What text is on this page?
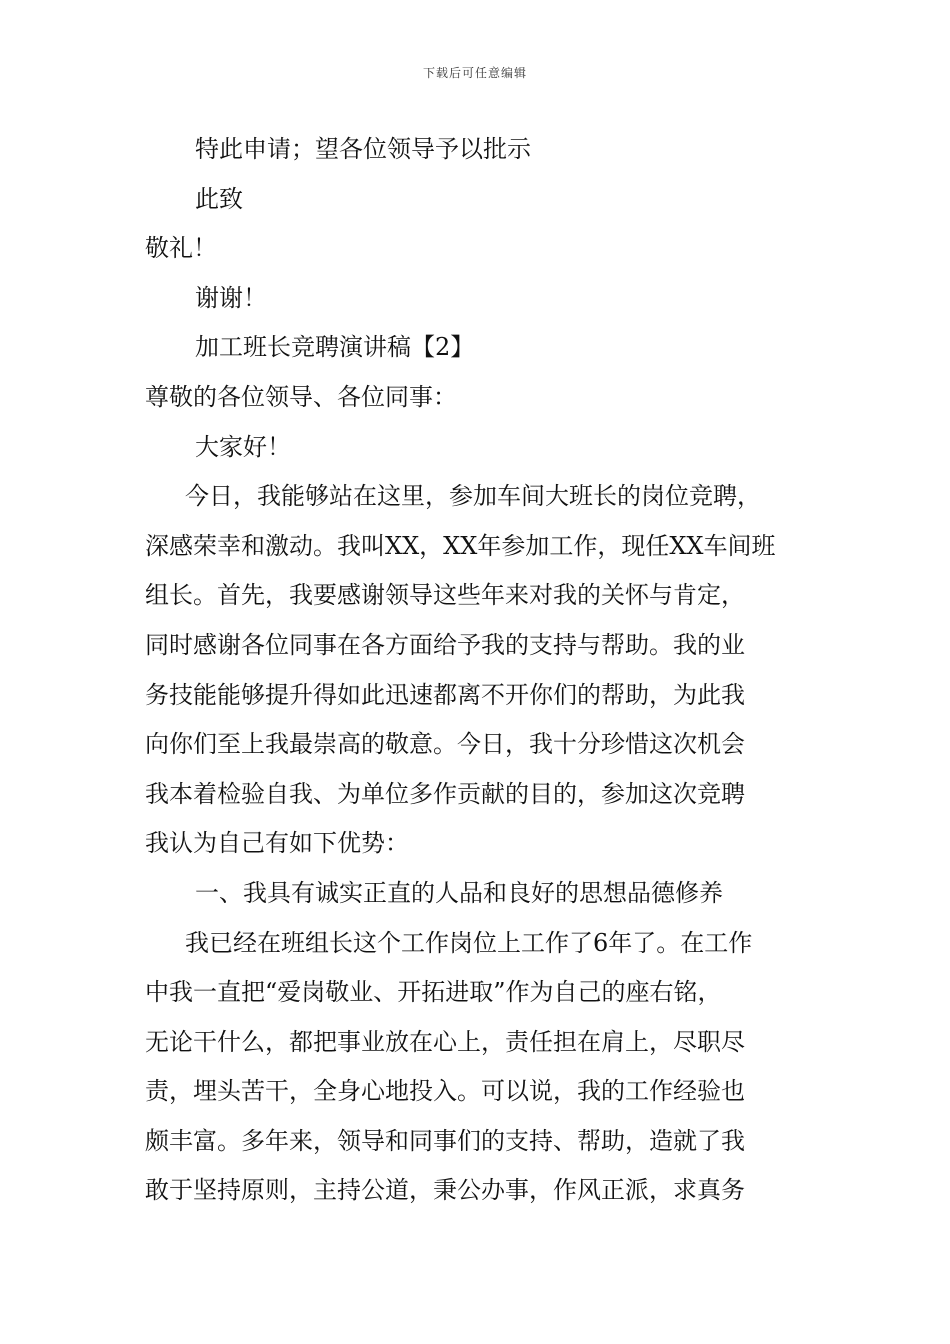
下载后可任意编辑
特此申请；望各位领导予以批示
此致
敬礼！
谢谢！
加工班长竞聘演讲稿【2】
尊敬的各位领导、各位同事：
大家好！
今日，我能够站在这里，参加车间大班长的岗位竞聘，
深感荣幸和激动。我叫XX，XX年参加工作，现任XX车间班
组长。首先，我要感谢领导这些年来对我的关怀与肯定，
同时感谢各位同事在各方面给予我的支持与帮助。我的业
务技能能够提升得如此迅速都离不开你们的帮助，为此我
向你们至上我最崇高的敬意。今日，我十分珍惜这次机会
我本着检验自我、为单位多作贡献的目的，参加这次竞聘
我认为自己有如下优势：
一、我具有诚实正直的人品和良好的思想品德修养
我已经在班组长这个工作岗位上工作了6年了。在工作
中我一直把“爱岗敬业、开拓进取”作为自己的座右铭，
无论干什么，都把事业放在心上，责任担在肩上，尽职尽
责，埋头苦干，全身心地投入。可以说，我的工作经验也
颇丰富。多年来，领导和同事们的支持、帮助，造就了我
敢于坚持原则，主持公道，秉公办事，作风正派，求真务
